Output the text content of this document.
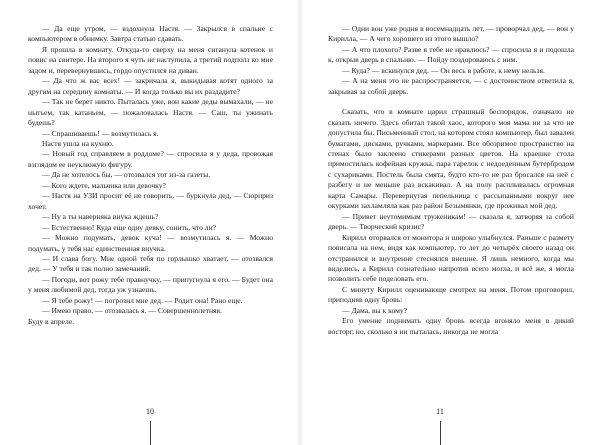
— Да еще утром, — вздохнула Настя. — Закрылся в спальне с компьютером в обнимку. Завтра статью сдавать.

Я прошла в комнату. Откуда-то сверху на меня сиганула котенок и повис на свитере. На второго я чуть не наступила, а третий подполз ко мне задом и, перевернувшись, гордо опустился на диван.

— Да что ж вас всех! — закричала я, выкидывая котят одного за другим на середину комнаты. — И когда только вы их раздадите?

— Так не берет никто. Пыталась уже, вон какие деды вымахали, — не нытьем, так катаньем, — пожаловалась Настя. — Саш, ты ужинать будешь?

— Спрашиваешь! — возмутилась я.

Настя ушла на кухню.

— Новый год справляем в роддоме? — спросила я у деда, провожая взглядом ее неуклюжую фигуру.

— Да не хотелось бы, — отозвался тот из-за газеты.

— Кого ждете, мальчика или девочку?

— Настя на УЗИ просит её не говорить, — буркнула дед, — Сюрприз хочет.

— Ну а ты наверняка внука ждешь?

— Естественно! Куда еще одну девку, сонить, что ли?

— Можно подумать, девок куча! — возмутилась я. — Можно подумать, у тебя нас единственная внучка.

— И слава богу. Мне одной тебя по горлышко хватает, — отозвался дед. — У тебя и так полно замечаний.

— Погоди, вот рожу тебе правнучку, — припугнула я его. — Будет она у меня любимой дед, тогда уж узнаешь.

— Я тебе рожу! — погрозил мне дед. — Родит она! Рано еще.

— Имею право, — отозвалась я. — Совершеннолетняя.

Буду в апреле.

10

— Одни вон уже родня в восемнадцать лет, — проворчал дед, — вон у Кирилла, — А чего хорошего из этого вышло?

— А что плохого? Разве я тебе не нравлюсь? — спросила я и подошла к, открыв дверь в спальню. — Пойду поздороваюсь с ним.

— Куда? — вскинулся дед. — Он весь в работе, к нему нельзя.

— А на меня это не распространяется, — с достоинством ответила я, закрывая за собой дверь.

Сказать, что в комнате царил страшный беспорядок, означало не сказать ничего. Здесь обитал такой хаос, которого моя мама ни за что не допустила бы. Письменный стол, на котором стоял компьютер, был завален бумагами, дисками, ручками, маркерами. Все обозримое пространство на стенах было заклеено стикерами разных цветов. На краешке стола примостилась кофейная кружка, пара тарелок с недоеденным бутербродом с сухариками. Постель была смята, будто кто-то не раз бросался на неё с разбегу и не меньше раз вскакивал. А на полу расплывалась огромная карта Самары. Перевернутая пепельница с рассыпанными вокруг нее окурками захламляла как раз район Безымянки, где проживал мой дед.

— Привет неутомимым труженикам! — сказала я, затворяя за собой дверь. — Творческий кризис?

Кирилл оторвался от монитора и широко улыбнулся. Раньше с размету повисала на нем, видя как компьютер, то лет до четырёх своего назад он отстранился и внутренне стеснялся внешне. Я лишь немного, когда мы виделись, а Кирилл сознательно напротив всего могла, и всё же, я могла позволить себе поделовать его.

С минуту Кирилл оценивающе смотрел на меня. Потом проговорил, приподняв одну бровь:

— Дама, вы к кому?

Его умение поднимать одну бровь всегда вгоняло меня в дикий восторг, но, сколько я ни пыталась, никогда не могла

11
